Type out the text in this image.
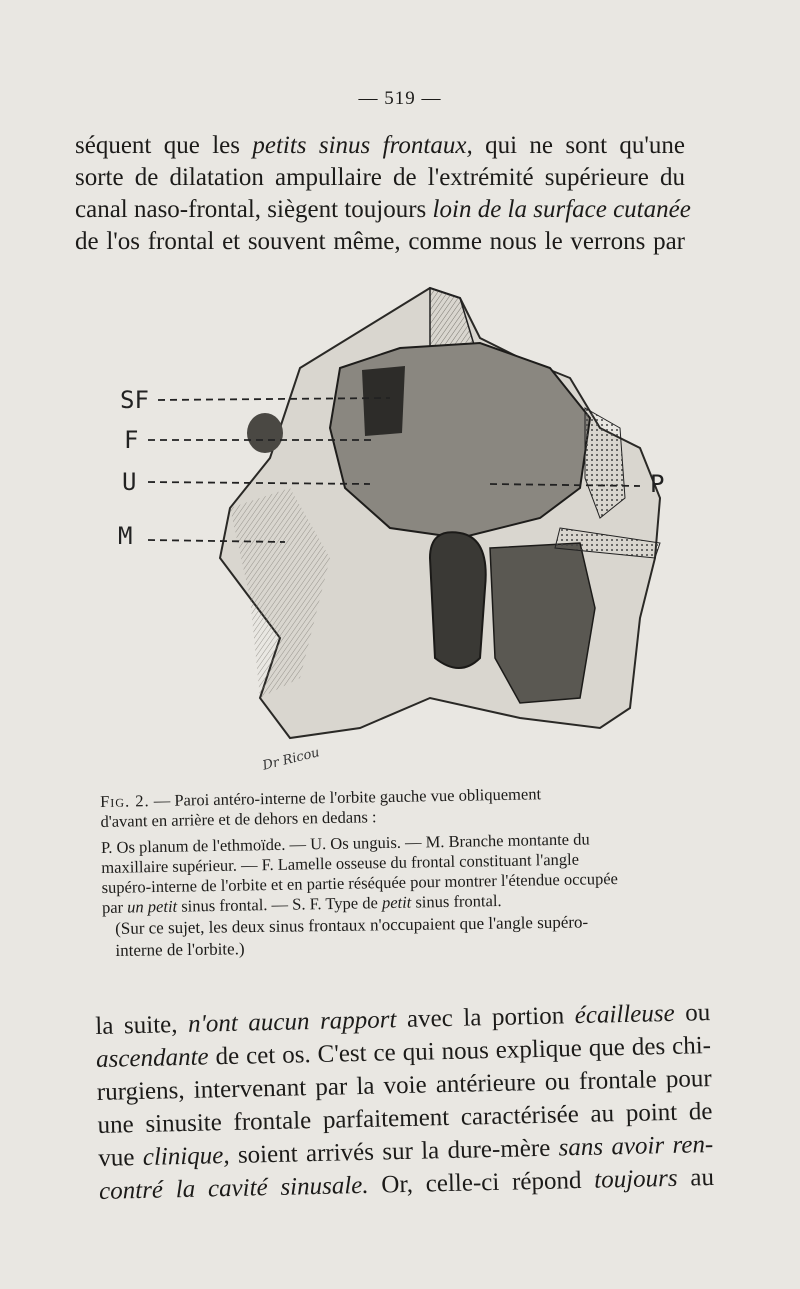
— 519 —
séquent que les petits sinus frontaux, qui ne sont qu'une
sorte de dilatation ampullaire de l'extrémité supérieure du
canal naso-frontal, siègent toujours loin de la surface cutanée
de l'os frontal et souvent même, comme nous le verrons par
SF
F
U	P
M
Dr Ricou
Fig. 2. — Paroi antéro-interne de l'orbite gauche vue obliquement
d'avant en arrière et de dehors en dedans :
P. Os planum de l'ethmoïde. — U. Os unguis. — M. Branche montante du
maxillaire supérieur. — F. Lamelle osseuse du frontal constituant l'angle
supéro-interne de l'orbite et en partie réséquée pour montrer l'étendue occupée
par un petit sinus frontal. — S. F. Type de petit sinus frontal.
(Sur ce sujet, les deux sinus frontaux n'occupaient que l'angle supéro-
interne de l'orbite.)
la suite, n'ont aucun rapport avec la portion écailleuse ou
ascendante de cet os. C'est ce qui nous explique que des chi-
rurgiens, intervenant par la voie antérieure ou frontale pour
une sinusite frontale parfaitement caractérisée au point de
vue clinique, soient arrivés sur la dure-mère sans avoir ren-
contré la cavité sinusale. Or, celle-ci répond toujours au
